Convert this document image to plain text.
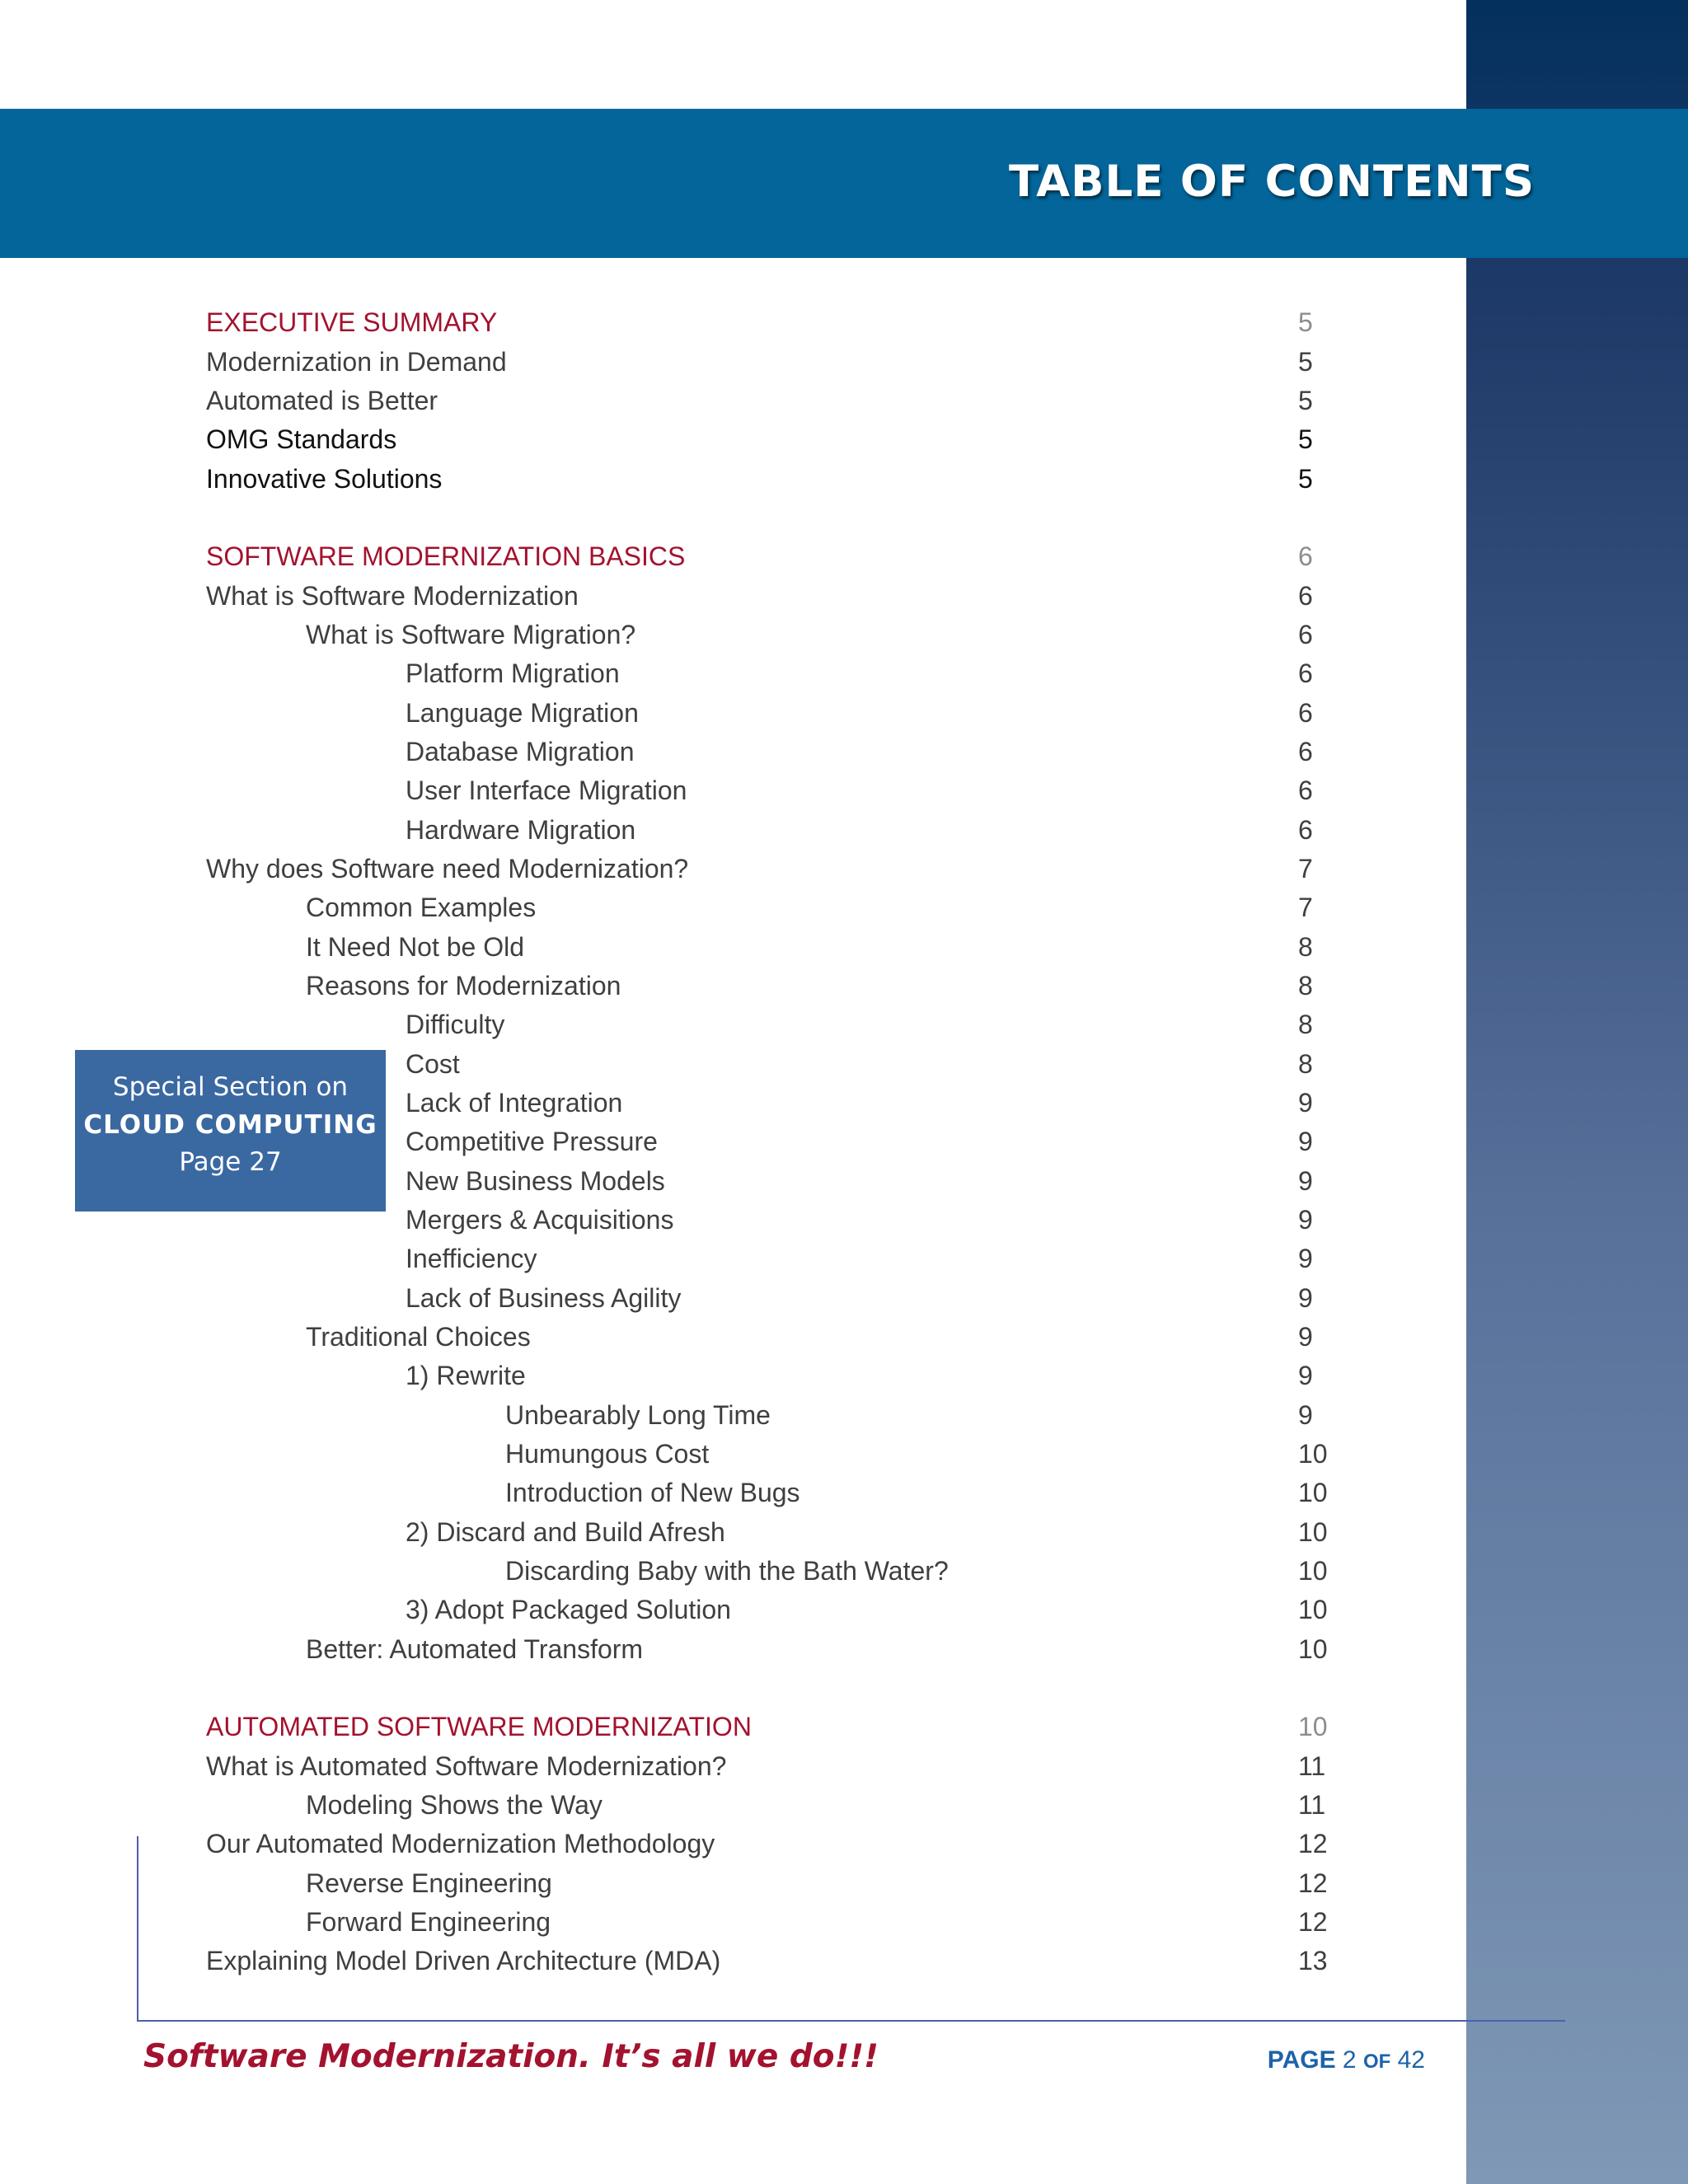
TABLE OF CONTENTS
EXECUTIVE SUMMARY	5
Modernization in Demand	5
Automated is Better	5
OMG Standards	5
Innovative Solutions	5
SOFTWARE MODERNIZATION BASICS	6
What is Software Modernization	6
What is Software Migration?	6
Platform Migration	6
Language Migration	6
Database Migration	6
User Interface Migration	6
Hardware Migration	6
Why does Software need Modernization?	7
Common Examples	7
It Need Not be Old	8
Reasons for Modernization	8
Difficulty	8
Cost	8
Lack of Integration	9
Competitive Pressure	9
New Business Models	9
Mergers & Acquisitions	9
Inefficiency	9
Lack of Business Agility	9
Traditional Choices	9
1) Rewrite	9
Unbearably Long Time	9
Humungous Cost	10
Introduction of New Bugs	10
2) Discard and Build Afresh	10
Discarding Baby with the Bath Water?	10
3) Adopt Packaged Solution	10
Better: Automated Transform	10
AUTOMATED SOFTWARE MODERNIZATION	10
What is Automated Software Modernization?	11
Modeling Shows the Way	11
Our Automated Modernization Methodology	12
Reverse Engineering	12
Forward Engineering	12
Explaining Model Driven Architecture (MDA)	13
Special Section on
CLOUD COMPUTING
Page 27
Software Modernization. It’s all we do!!!	PAGE 2 OF 42
